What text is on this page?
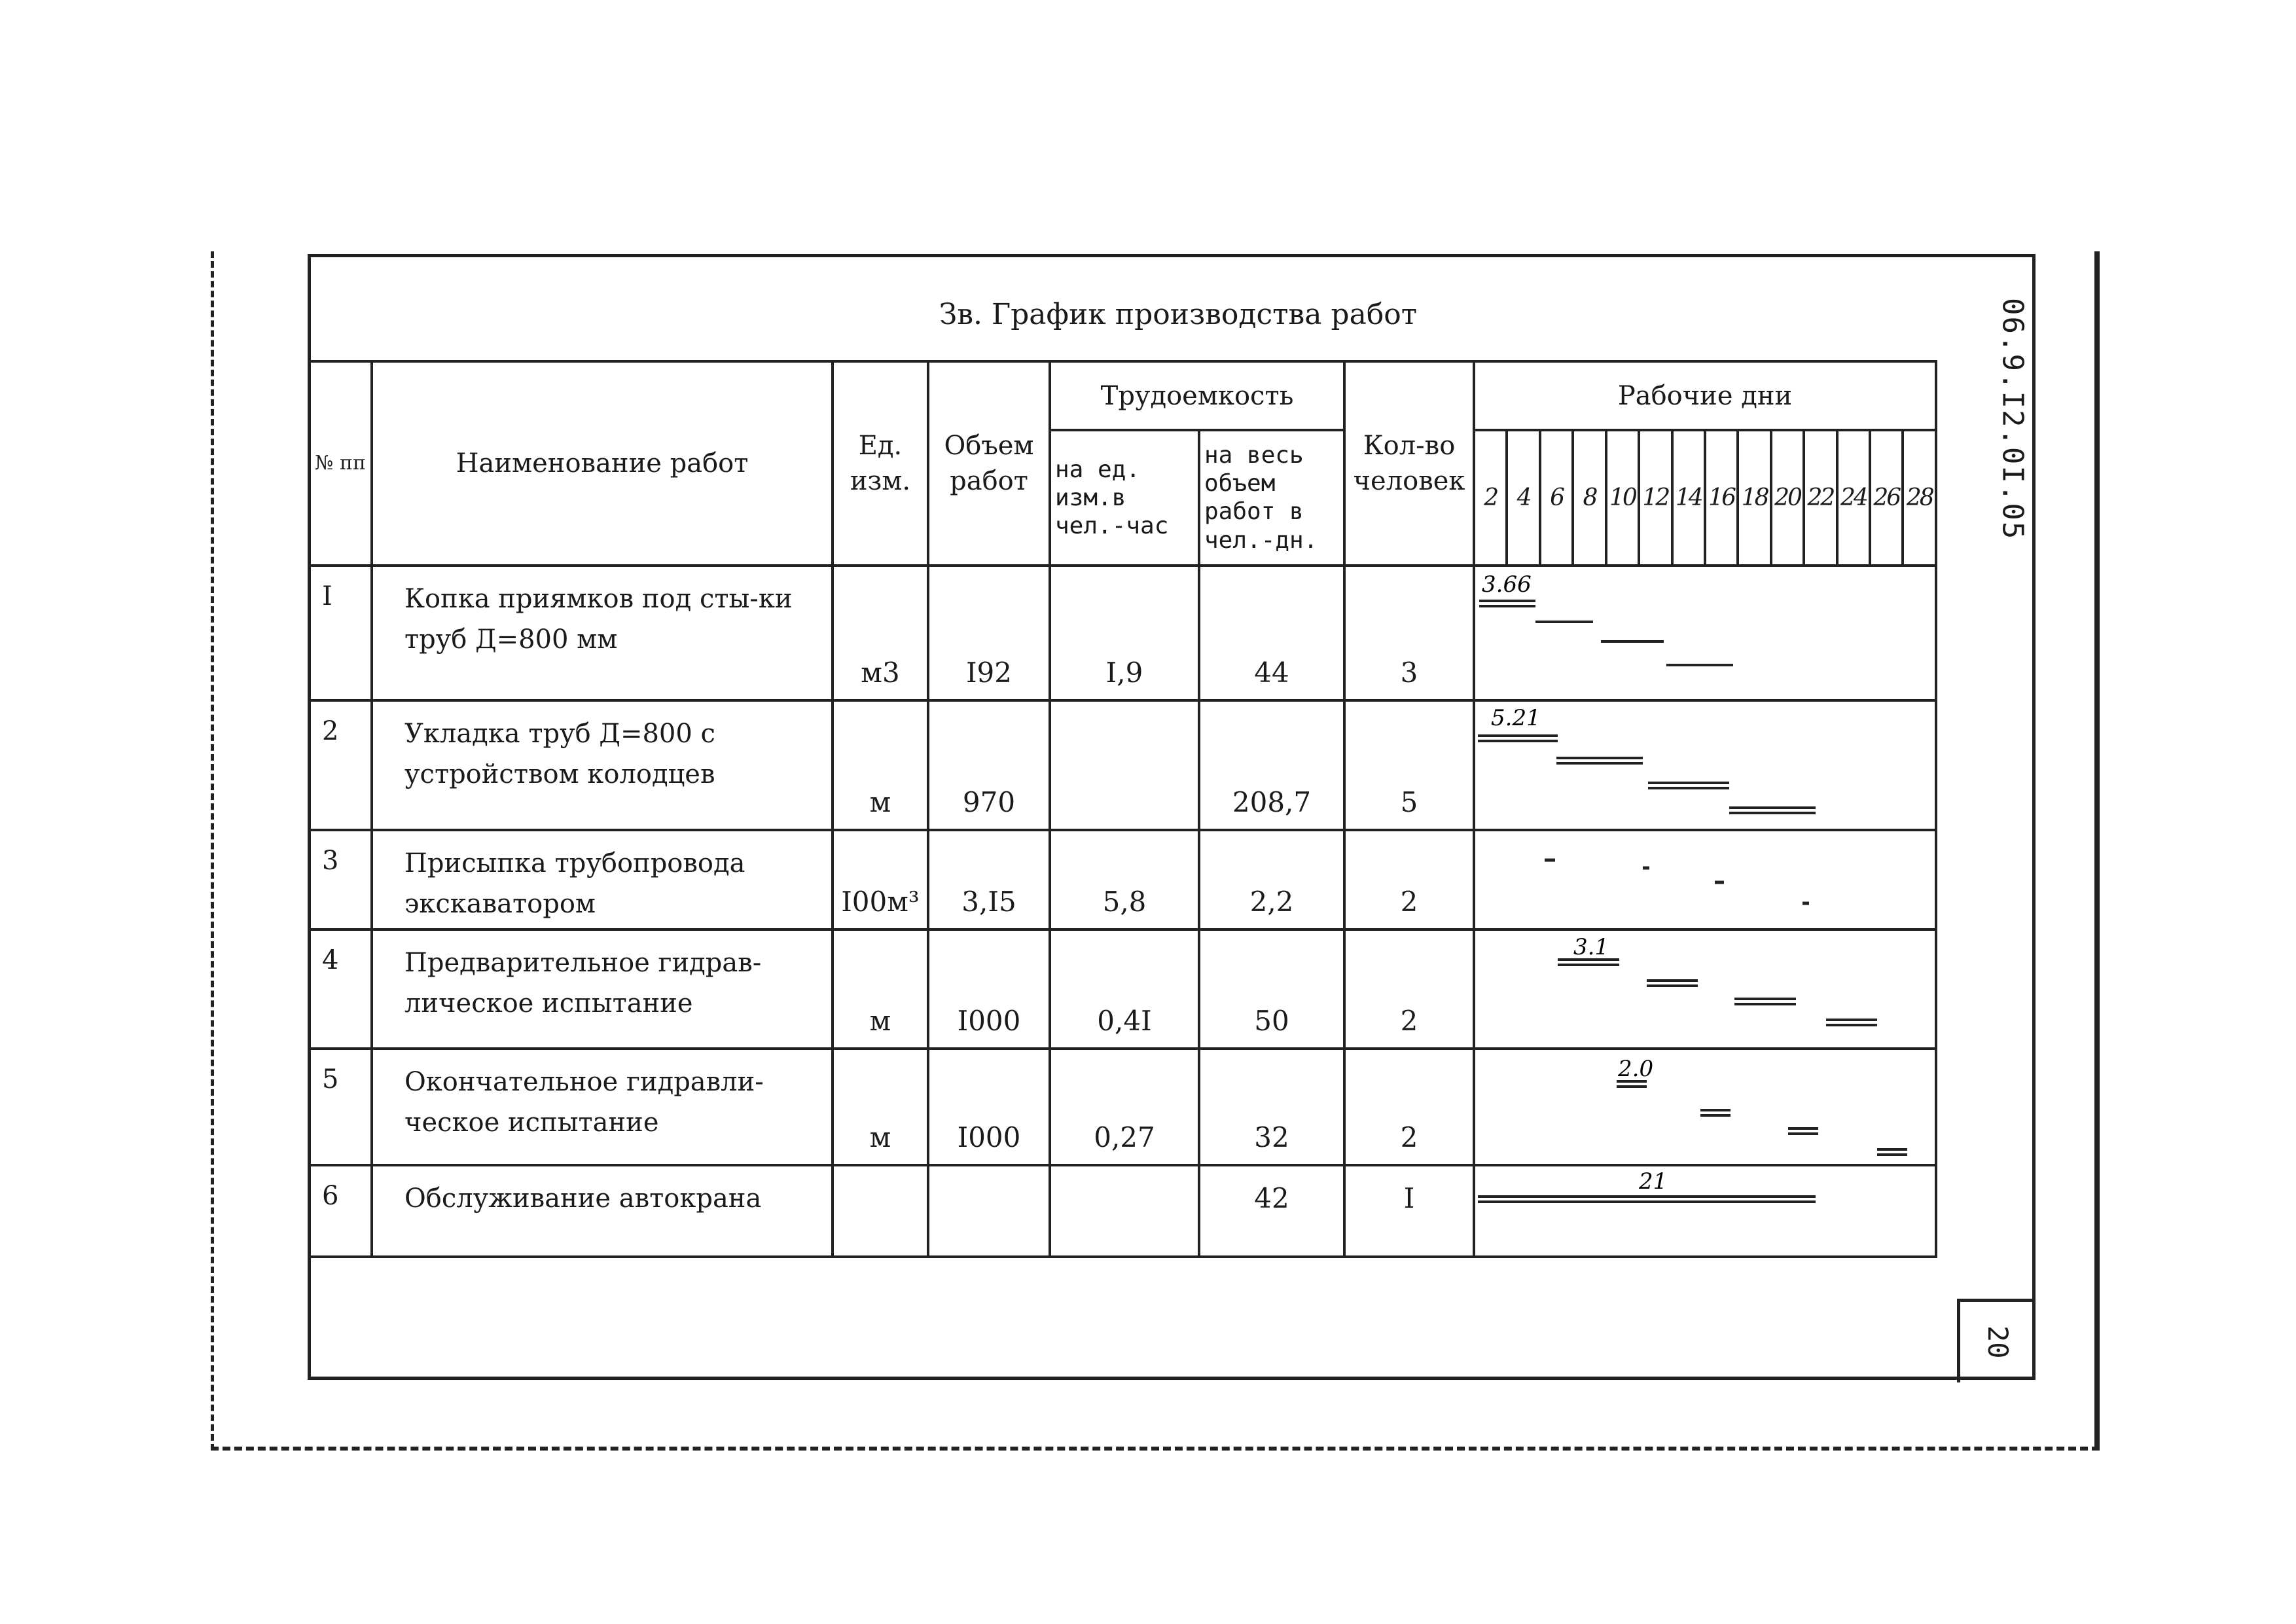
Зв. График производства работ	06.9.I2.0I.05
20
№ пп	Наименование работ	Ед. изм.	Объем работ	Трудоемкость		Кол-во человек	Рабочие дни													
				на ед. изм.в чел.-час	на весь объем работ в чел.-дн.		2	4	6	8	10	12	14	16	18	20	22	24	26	28
I	Копка приямков под сты-ки труб Д=800 мм	м3	I92	I,9	44	3	3.66													

2	Укладка труб Д=800 с устройством колодцев	м	970		208,7	5	5.21													

3	Присыпка трубопровода экскаватором	I00м³	3,I5	5,8	2,2	2	

4	Предварительное гидрав-лическое испытание	м	I000	0,4I	50	2	3.1													

5	Окончательное гидравли-ческое испытание	м	I000	0,27	32	2	2.0													

6	Обслуживание автокрана				42	I	21													
